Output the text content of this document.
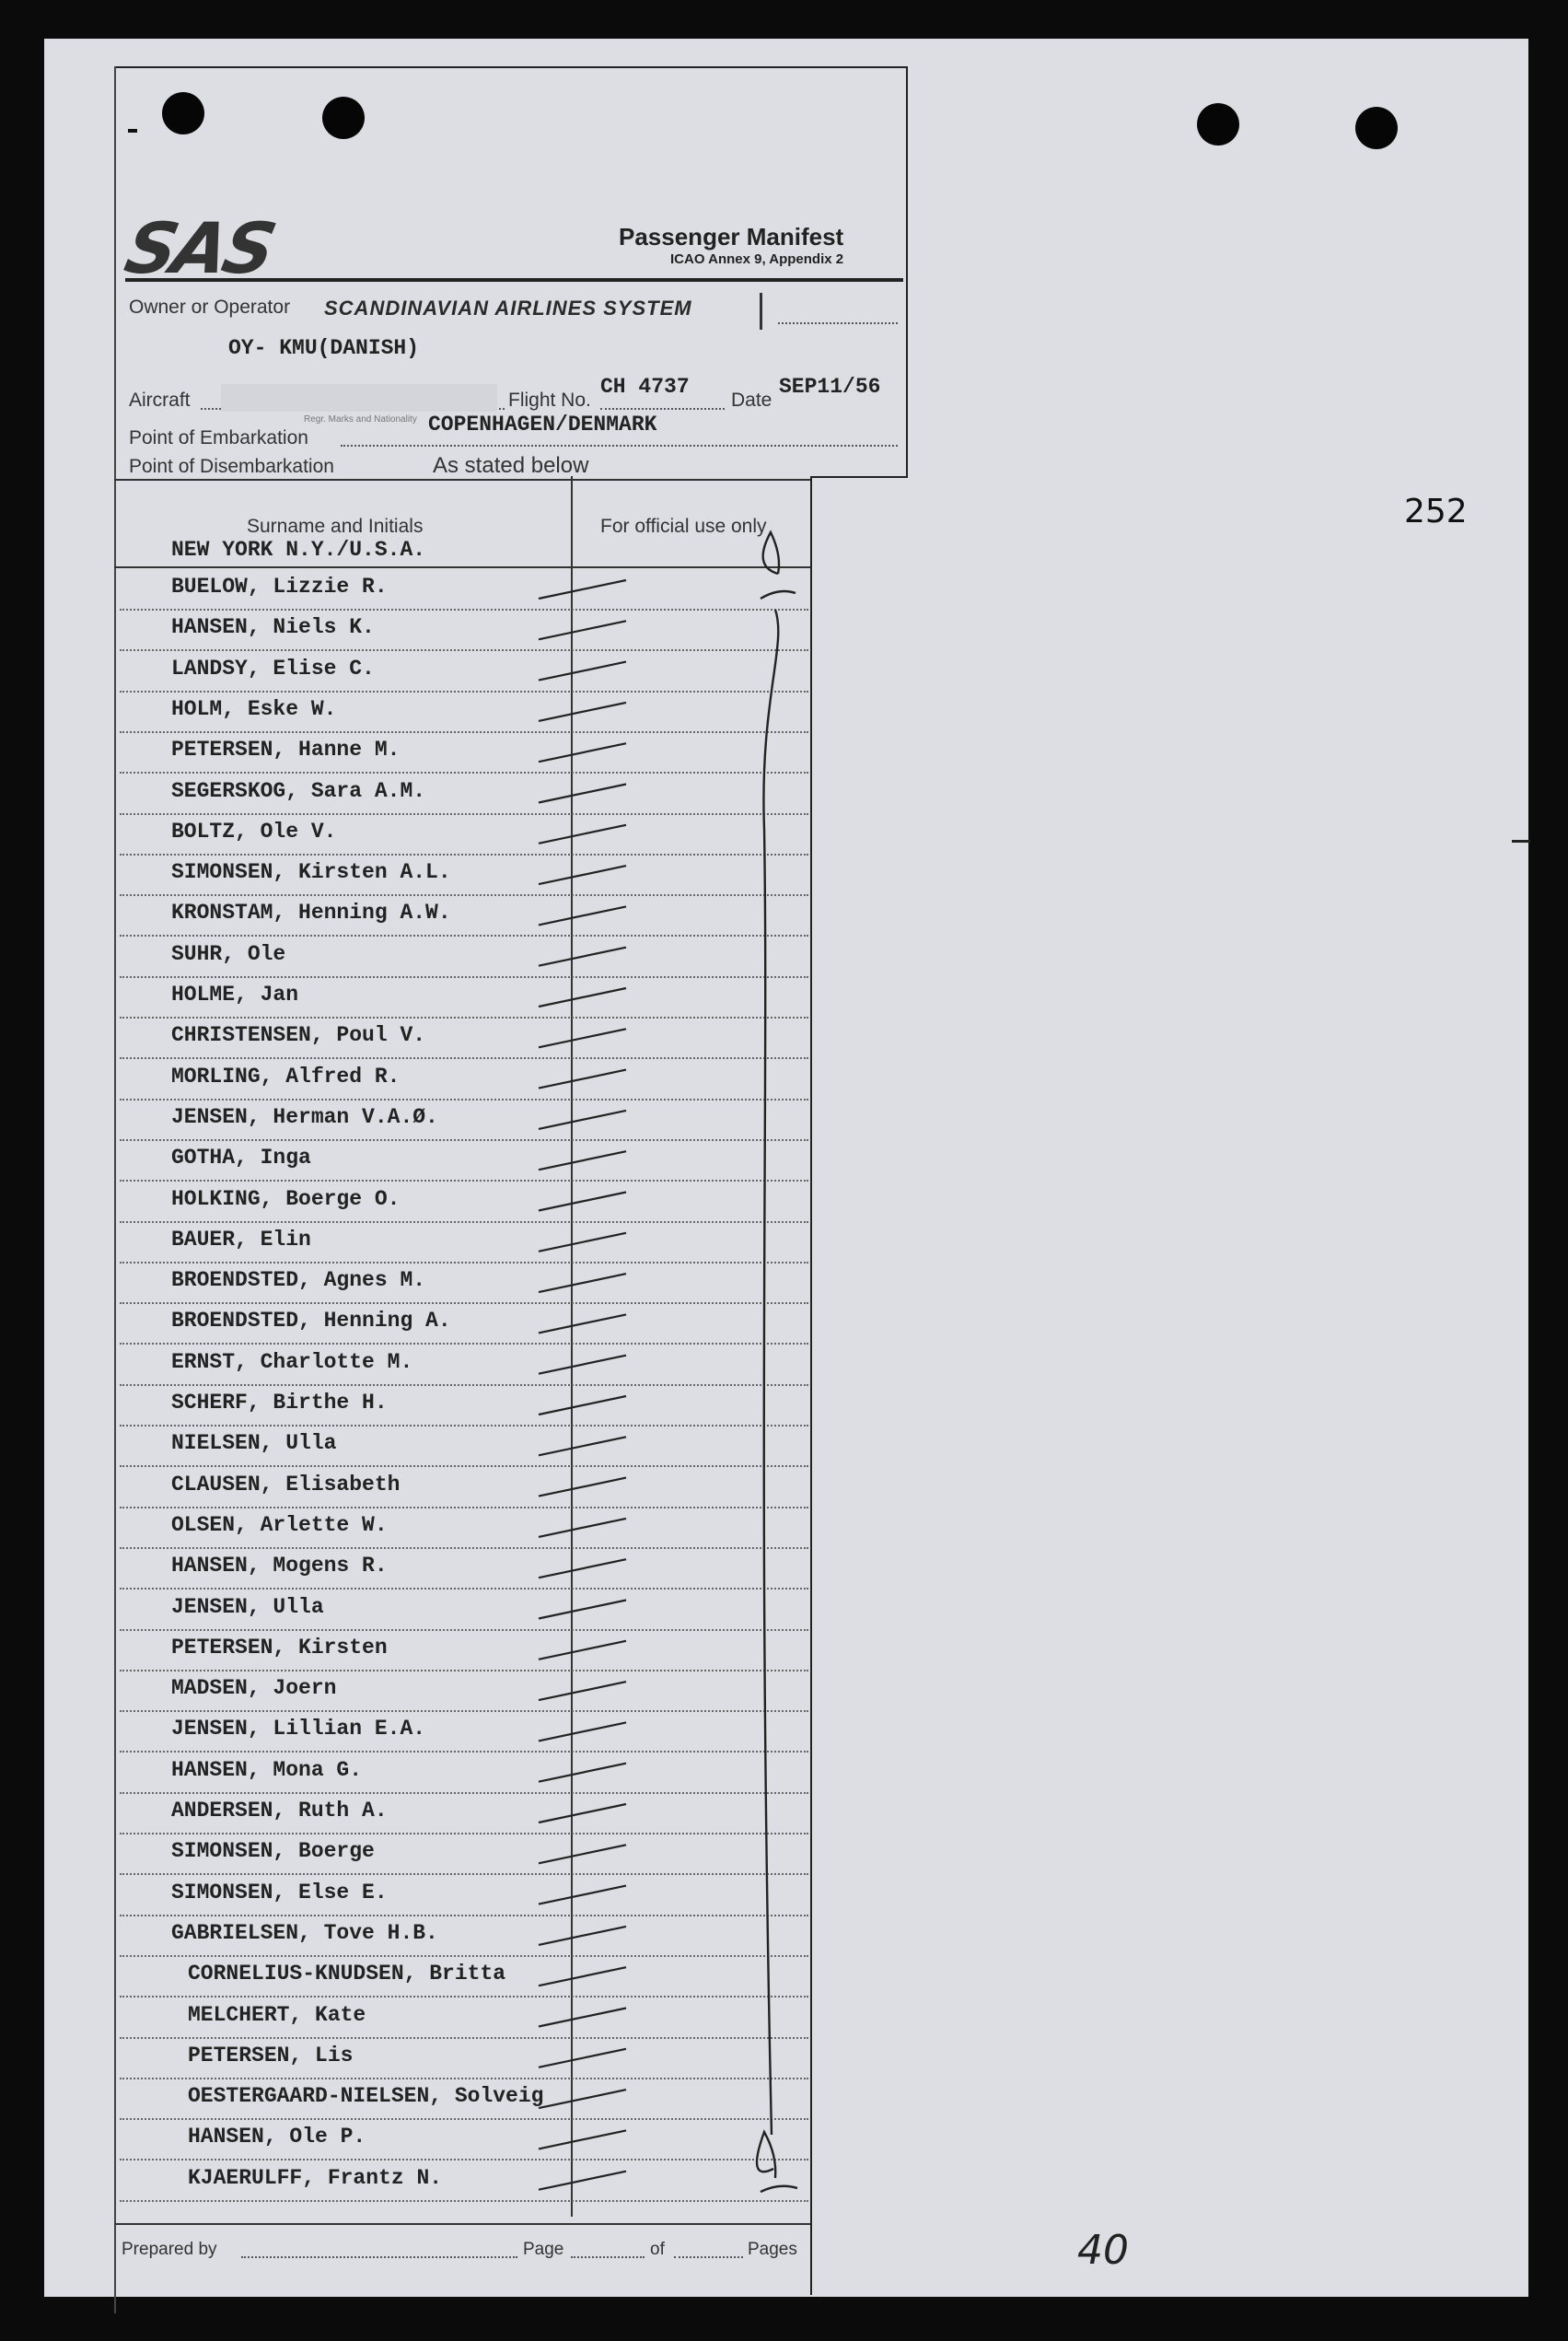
252
SAS	Passenger Manifest
ICAO Annex 9, Appendix 2
Owner or Operator SCANDINAVIAN AIRLINES SYSTEM
OY- KMU(DANISH)
Aircraft
Regr. Marks and Nationality
Flight No.
CH 4737
Date
SEP11/56
Point of Embarkation
COPENHAGEN/DENMARK
Point of Disembarkation	As stated below
Surname and Initials	For official use only
NEW YORK N.Y./U.S.A.
BUELOW, Lizzie R.
HANSEN, Niels K.
LANDSY, Elise C.
HOLM, Eske W.
PETERSEN, Hanne M.
SEGERSKOG, Sara A.M.
BOLTZ, Ole V.
SIMONSEN, Kirsten A.L.
KRONSTAM, Henning A.W.
SUHR, Ole
HOLME, Jan
CHRISTENSEN, Poul V.
MORLING, Alfred R.
JENSEN, Herman V.A.Ø.
GOTHA, Inga
HOLKING, Boerge O.
BAUER, Elin
BROENDSTED, Agnes M.
BROENDSTED, Henning A.
ERNST, Charlotte M.
SCHERF, Birthe H.
NIELSEN, Ulla
CLAUSEN, Elisabeth
OLSEN, Arlette W.
HANSEN, Mogens R.
JENSEN, Ulla
PETERSEN, Kirsten
MADSEN, Joern
JENSEN, Lillian E.A.
HANSEN, Mona G.
ANDERSEN, Ruth A.
SIMONSEN, Boerge
SIMONSEN, Else E.
GABRIELSEN, Tove H.B.
CORNELIUS-KNUDSEN, Britta
MELCHERT, Kate
PETERSEN, Lis
OESTERGAARD-NIELSEN, Solveig
HANSEN, Ole P.
KJAERULFF, Frantz N.
Prepared by	Page	of	Pages	40
